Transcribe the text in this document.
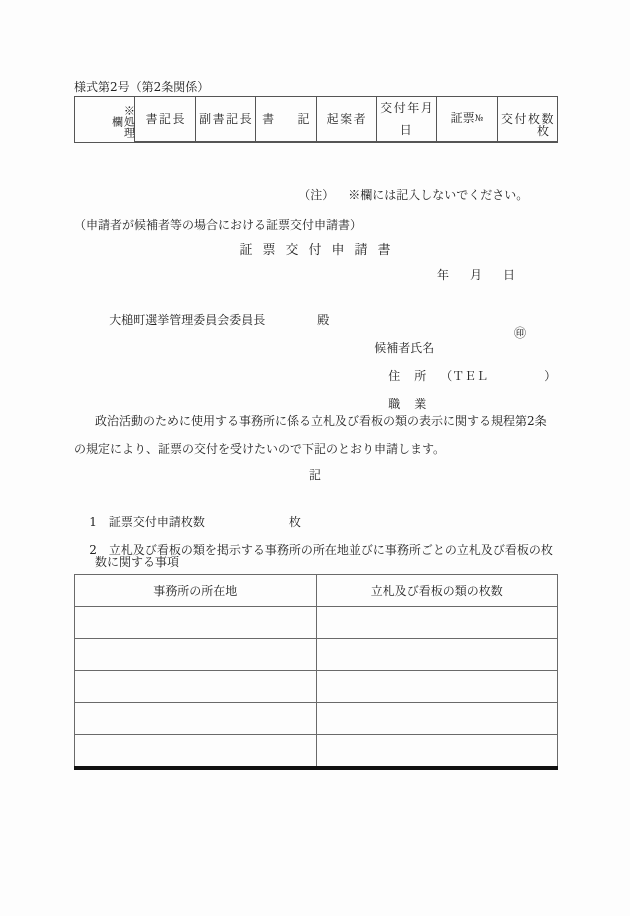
様式第2号（第2条関係）
※処理欄	書記長	副書記長	書 記	起案者	交付年月日	証票№	交付枚数

							枚

（注） ※欄には記入しないでください。

（申請者が候補者等の場合における証票交付申請書）
証票交付申請書
年月日

大槌町選挙管理委員会委員長	殿

候補者氏名

㊞

住所（ＴＥＬ	）

職業

政治活動のために使用する事務所に係る立札及び看板の類の表示に関する規程第2条
の規定により、証票の交付を受けたいので下記のとおり申請します。
記

1 証票交付申請枚数	枚

2 立札及び看板の類を掲示する事務所の所在地並びに事務所ごとの立札及び看板の枚

数に関する事項
事務所の所在地	立札及び看板の類の枚数
